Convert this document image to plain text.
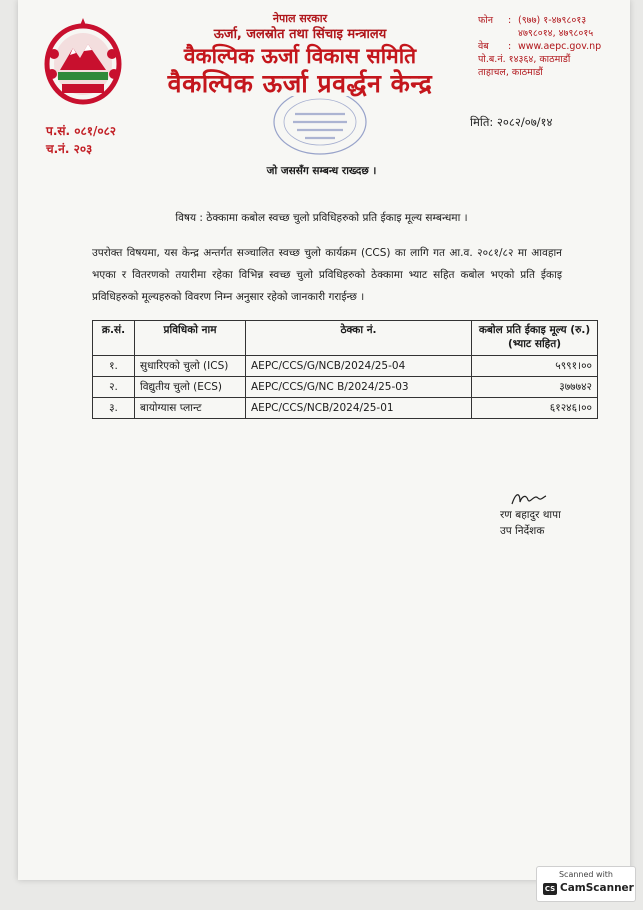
नेपाल सरकार
ऊर्जा, जलस्रोत तथा सिंचाइ मन्त्रालय
वैकल्पिक ऊर्जा विकास समिति
वैकल्पिक ऊर्जा प्रवर्द्धन केन्द्र
फोन	: (९७७) १-४७९८०१३
४७९८०१४, ४७९८०१५
वेब	: www.aepc.gov.np
पो.ब.नं. १४३६४, काठमाडौं
ताहाचल, काठमाडौं
प.सं. ०८१/०८२
च.नं. २०३
मिति: २०८२/०७/१४
जो जससँग सम्बन्ध राख्दछ ।
विषय : ठेक्कामा कबोल स्वच्छ चुलो प्रविधिहरुको प्रति ईकाइ मूल्य सम्बन्धमा ।
उपरोक्त विषयमा, यस केन्द्र अन्तर्गत सञ्चालित स्वच्छ चुलो कार्यक्रम (CCS) का लागि गत आ.व. २०८१/८२ मा आवहान भएका र वितरणको तयारीमा रहेका विभिन्न स्वच्छ चुलो प्रविधिहरुको ठेक्कामा भ्याट सहित कबोल भएको प्रति ईकाइ प्रविधिहरुको मूल्यहरुको विवरण निम्न अनुसार रहेको जानकारी गराईन्छ ।
क्र.सं.	प्रविधिको नाम	ठेक्का नं.	कबोल प्रति ईकाइ मूल्य (रु.) (भ्याट सहित)
१.	सुधारिएको चुलो (ICS)	AEPC/CCS/G/NCB/2024/25-04	५९९१।००
२.	विद्युतीय चुलो (ECS)	AEPC/CCS/G/NC B/2024/25-03	३७७७४२
३.	बायोग्यास प्लान्ट	AEPC/CCS/NCB/2024/25-01	६१२४६।००
रण बहादुर थापा
उप निर्देशक
Scanned with
CS CamScanner
